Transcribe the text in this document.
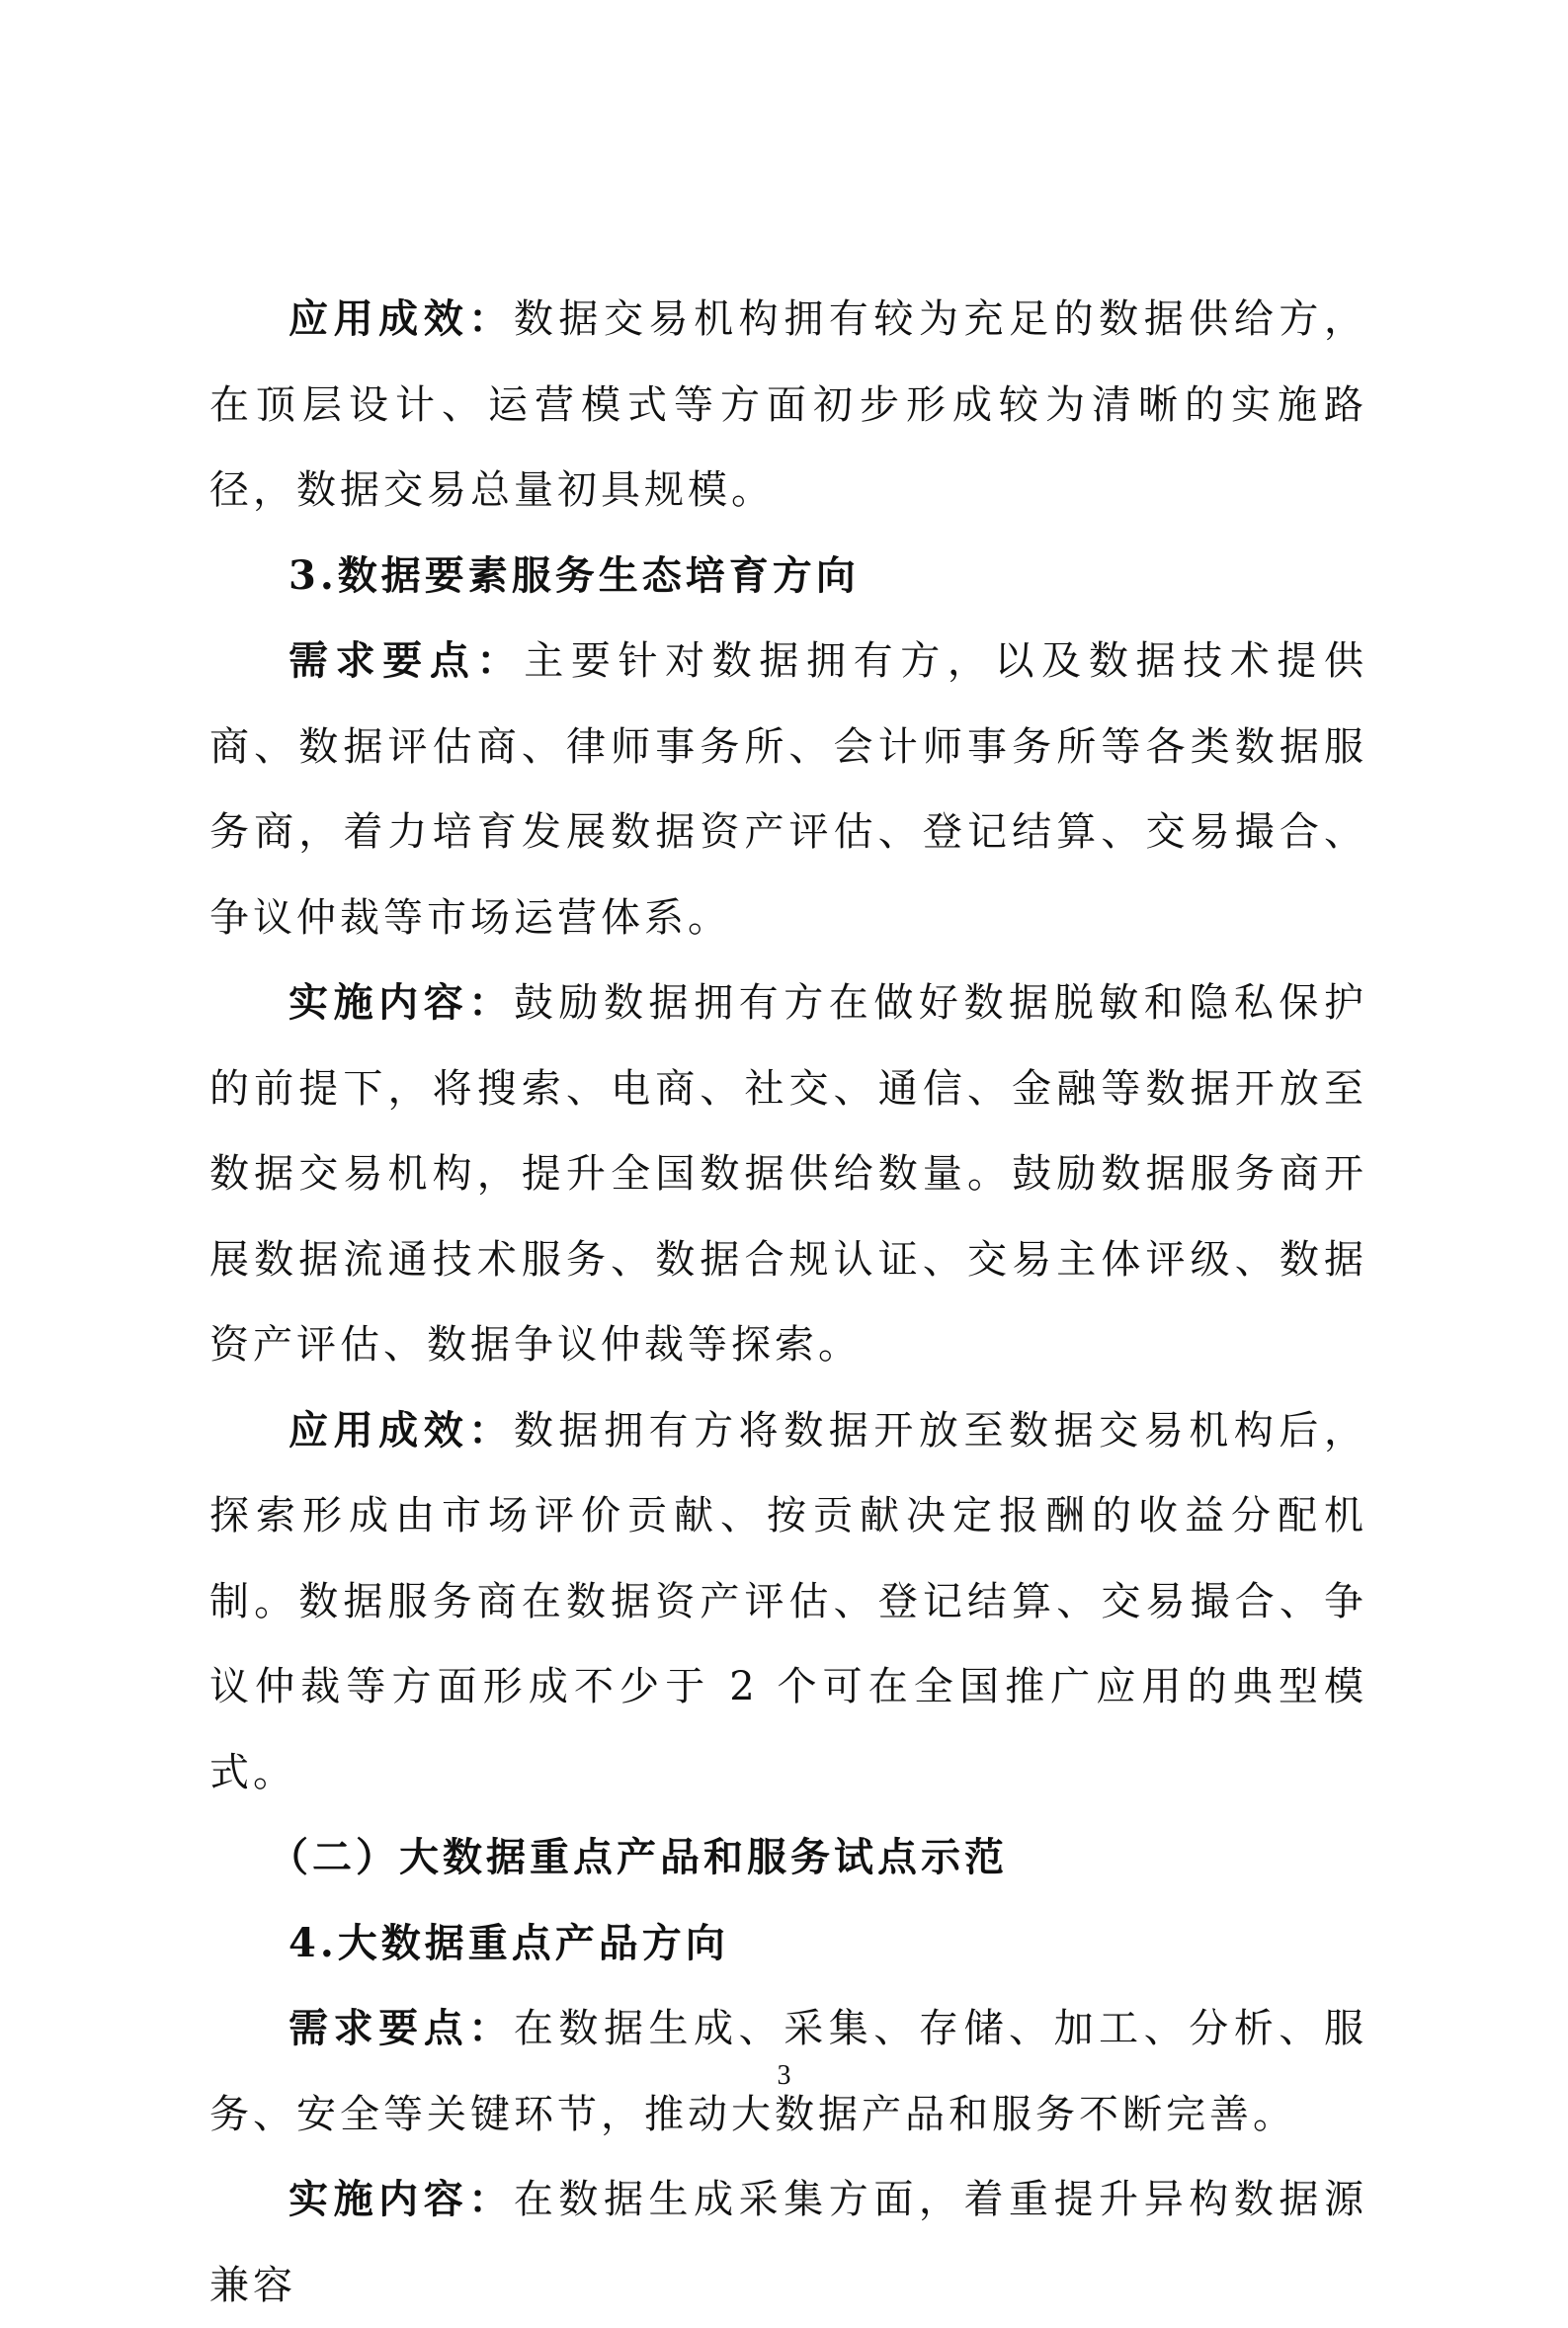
应用成效：数据交易机构拥有较为充足的数据供给方，在顶层设计、运营模式等方面初步形成较为清晰的实施路径，数据交易总量初具规模。

3.数据要素服务生态培育方向

需求要点：主要针对数据拥有方，以及数据技术提供商、数据评估商、律师事务所、会计师事务所等各类数据服务商，着力培育发展数据资产评估、登记结算、交易撮合、争议仲裁等市场运营体系。

实施内容：鼓励数据拥有方在做好数据脱敏和隐私保护的前提下，将搜索、电商、社交、通信、金融等数据开放至数据交易机构，提升全国数据供给数量。鼓励数据服务商开展数据流通技术服务、数据合规认证、交易主体评级、数据资产评估、数据争议仲裁等探索。

应用成效：数据拥有方将数据开放至数据交易机构后，探索形成由市场评价贡献、按贡献决定报酬的收益分配机制。数据服务商在数据资产评估、登记结算、交易撮合、争议仲裁等方面形成不少于 2 个可在全国推广应用的典型模式。

（二）大数据重点产品和服务试点示范

4.大数据重点产品方向

需求要点：在数据生成、采集、存储、加工、分析、服务、安全等关键环节，推动大数据产品和服务不断完善。

实施内容：在数据生成采集方面，着重提升异构数据源兼容

3
